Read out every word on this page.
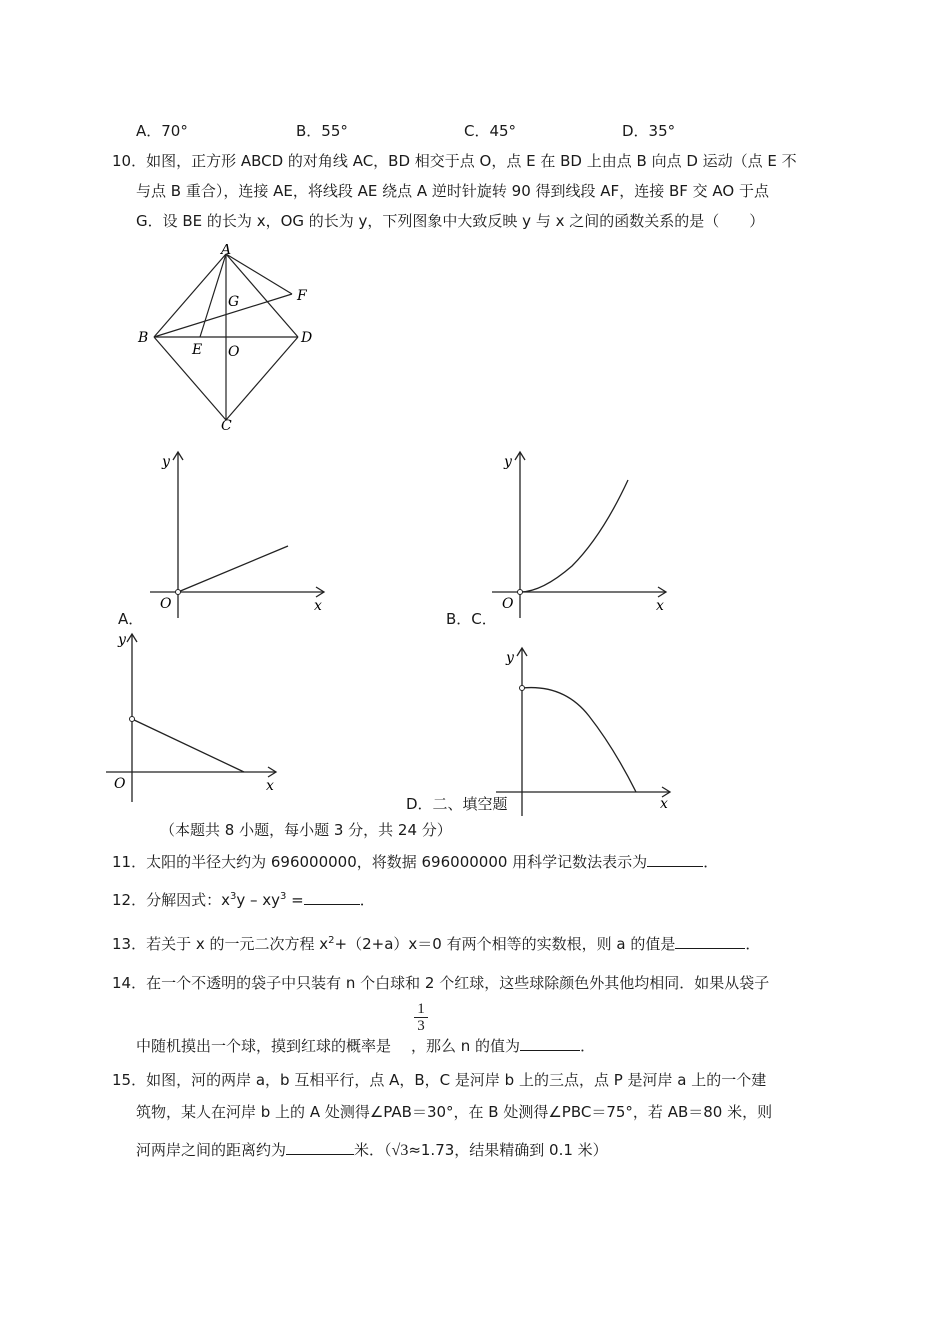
A．70°	B．55°	C．45°	D．35°
10．如图，正方形 ABCD 的对角线 AC，BD 相交于点 O，点 E 在 BD 上由点 B 向点 D 运动（点 E 不
与点 B 重合），连接 AE，将线段 AE 绕点 A 逆时针旋转 90 得到线段 AF，连接 BF 交 AO 于点
G．设 BE 的长为 x，OG 的长为 y，下列图象中大致反映 y 与 x 之间的函数关系的是（　　）
A
B
C
D
E
F
G
O
y
x
O
A．
y
x
O
B．C．
y
x
O
y
x
D．二、填空题
（本题共 8 小题，每小题 3 分，共 24 分）
11．太阳的半径大约为 696000000，将数据 696000000 用科学记数法表示为	．
12．分解因式：$x^3y - xy^3$ =	．
13．若关于 x 的一元二次方程 $x^2+(2+a)x=0$ 有两个相等的实数根，则 a 的值是	．
14．在一个不透明的袋子中只装有 n 个白球和 2 个红球，这些球除颜色外其他均相同．如果从袋子
$\frac{1}{3}$
中随机摸出一个球，摸到红球的概率是 ，那么 n 的值为	．
15．如图，河的两岸 a，b 互相平行，点 A，B，C 是河岸 b 上的三点，点 P 是河岸 a 上的一个建
筑物，某人在河岸 b 上的 A 处测得∠PAB＝30°，在 B 处测得∠PBC＝75°，若 AB＝80 米，则
河两岸之间的距离约为	米．（√3≈1.73，结果精确到 0.1 米）
